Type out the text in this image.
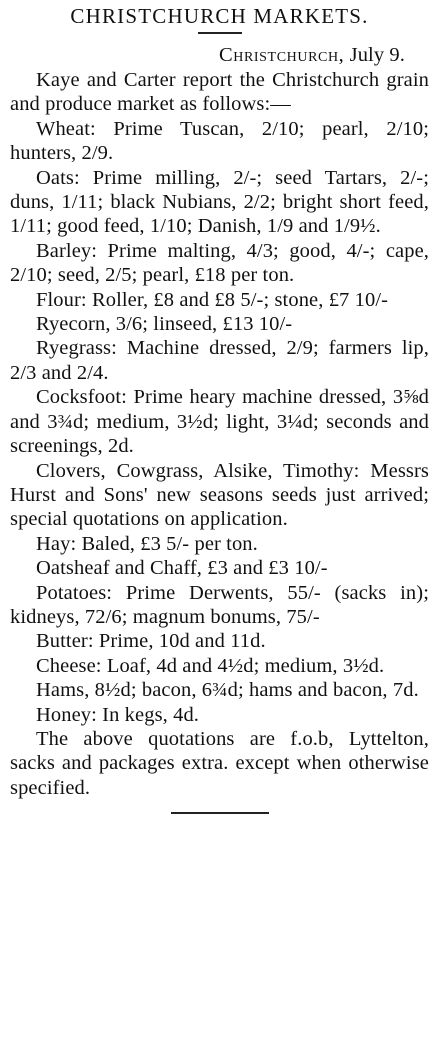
CHRISTCHURCH MARKETS.
Christchurch, July 9.

Kaye and Carter report the Christchurch grain and produce market as follows:—

Wheat: Prime Tuscan, 2/10; pearl, 2/10; hunters, 2/9.

Oats: Prime milling, 2/-; seed Tartars, 2/-; duns, 1/11; black Nubians, 2/2; bright short feed, 1/11; good feed, 1/10; Danish, 1/9 and 1/9½.

Barley: Prime malting, 4/3; good, 4/-; cape, 2/10; seed, 2/5; pearl, £18 per ton.

Flour: Roller, £8 and £8 5/-; stone, £7 10/-

Ryecorn, 3/6; linseed, £13 10/-

Ryegrass: Machine dressed, 2/9; farmers lip, 2/3 and 2/4.

Cocksfoot: Prime heary machine dressed, 3⅝d and 3¾d; medium, 3½d; light, 3¼d; seconds and screenings, 2d.

Clovers, Cowgrass, Alsike, Timothy: Messrs Hurst and Sons' new seasons seeds just arrived; special quotations on application.

Hay: Baled, £3 5/- per ton.

Oatsheaf and Chaff, £3 and £3 10/-

Potatoes: Prime Derwents, 55/- (sacks in); kidneys, 72/6; magnum bonums, 75/-

Butter: Prime, 10d and 11d.

Cheese: Loaf, 4d and 4½d; medium, 3½d.

Hams, 8½d; bacon, 6¾d; hams and bacon, 7d.

Honey: In kegs, 4d.

The above quotations are f.o.b, Lyttelton, sacks and packages extra. except when otherwise specified.
